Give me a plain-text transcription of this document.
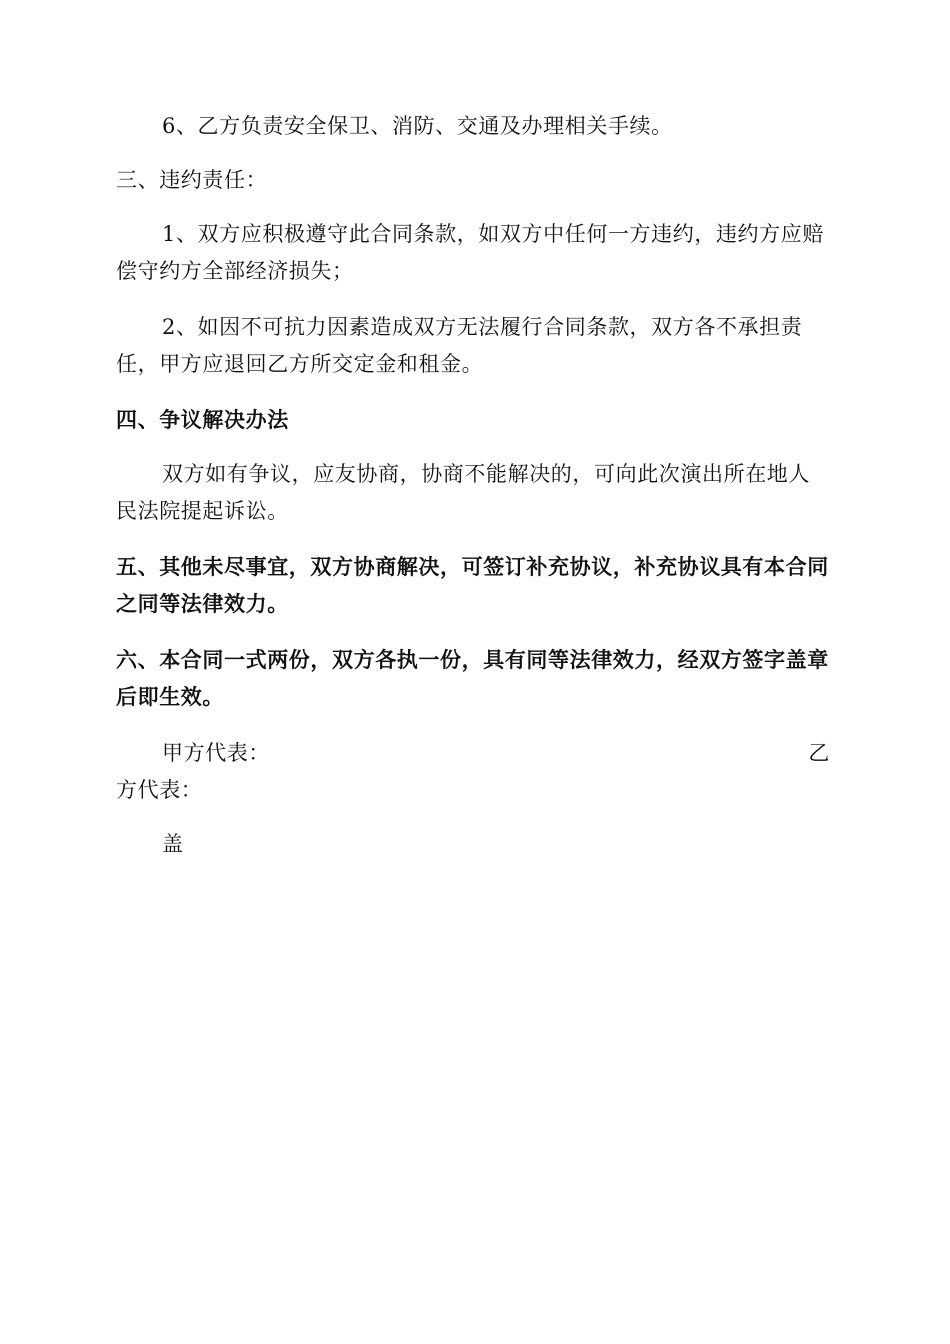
6、乙方负责安全保卫、消防、交通及办理相关手续。

三、违约责任：

1、双方应积极遵守此合同条款，如双方中任何一方违约，违约方应赔偿守约方全部经济损失；

2、如因不可抗力因素造成双方无法履行合同条款，双方各不承担责任，甲方应退回乙方所交定金和租金。

四、争议解决办法

双方如有争议，应友协商，协商不能解决的，可向此次演出所在地人民法院提起诉讼。

五、其他未尽事宜，双方协商解决，可签订补充协议，补充协议具有本合同之同等法律效力。

六、本合同一式两份，双方各执一份，具有同等法律效力，经双方签字盖章后即生效。

甲方代表：	乙

方代表：

盖
